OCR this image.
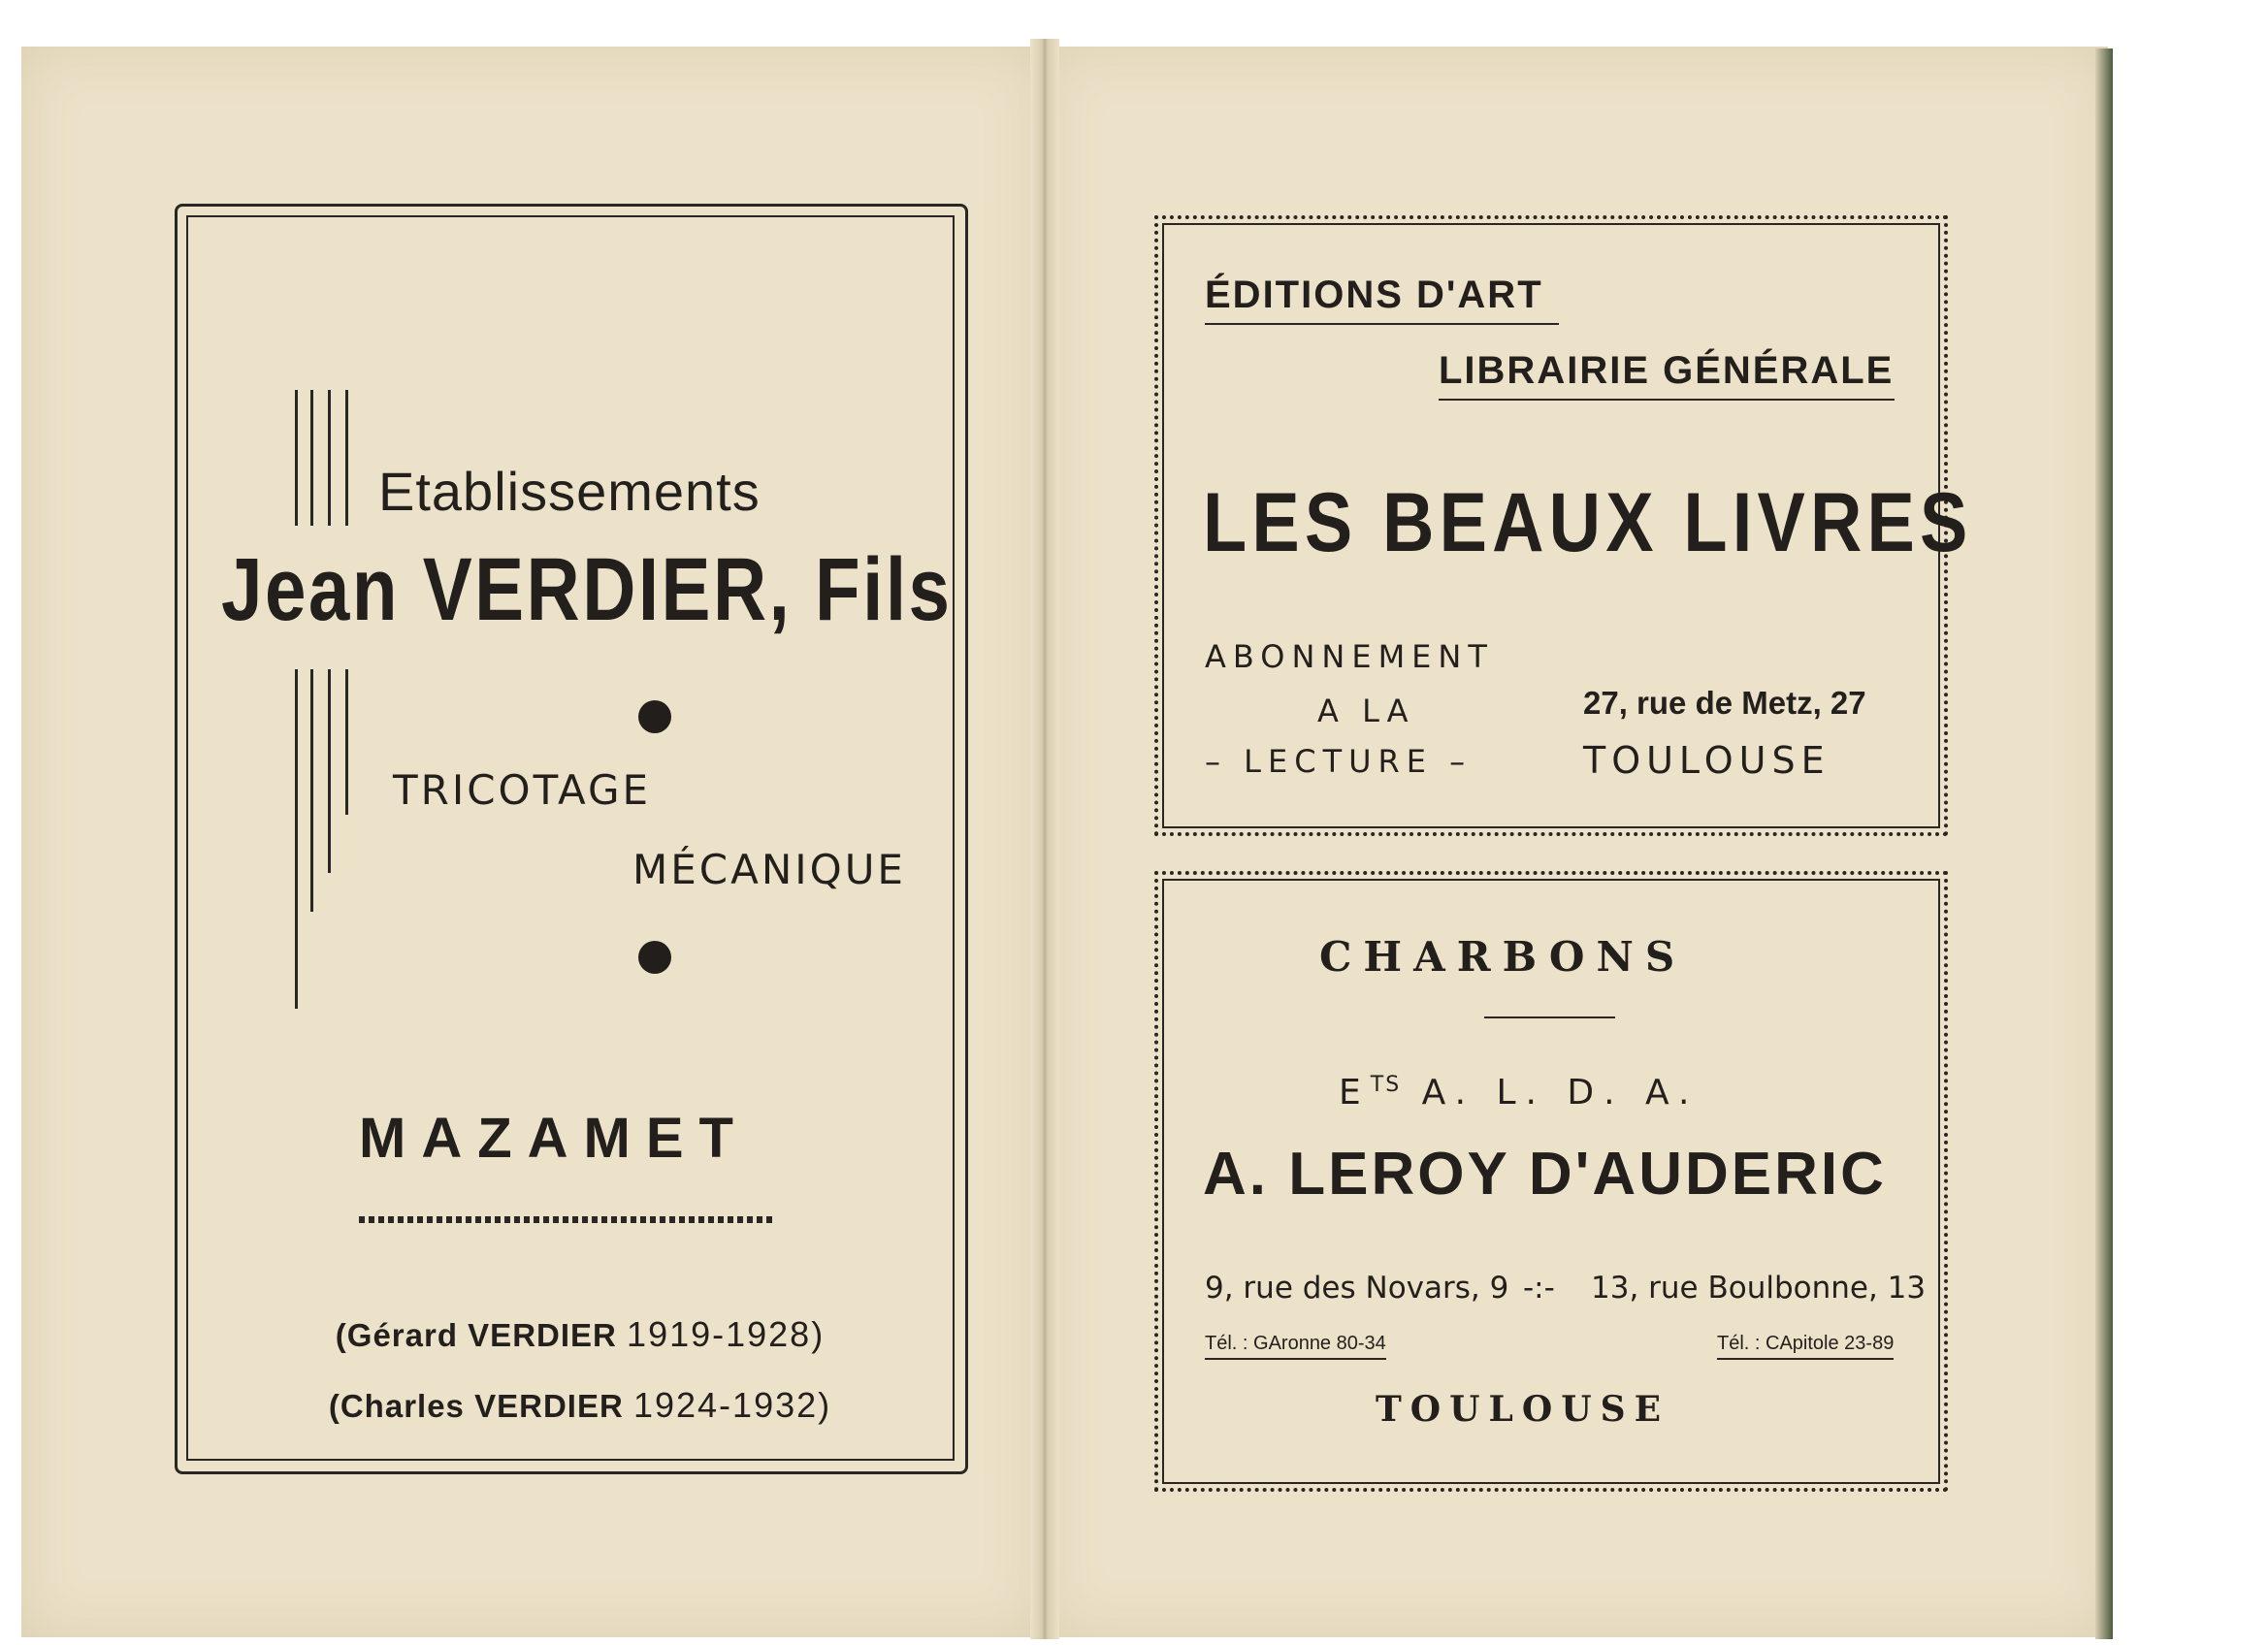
Etablissements
Jean VERDIER, Fils
TRICOTAGE
MÉCANIQUE
MAZAMET
(Gérard VERDIER 1919-1928)
(Charles VERDIER 1924-1932)
ÉDITIONS D'ART
LIBRAIRIE GÉNÉRALE
LES BEAUX LIVRES
ABONNEMENT
A LA
– LECTURE –
27, rue de Metz, 27
TOULOUSE
CHARBONS
$E^{TS}$ A. L. D. A.
A. LEROY D'AUDERIC
9, rue des Novars, 9 -:- 13, rue Boulbonne, 13
Tél. : GAronne 80-34	Tél. : CApitole 23-89
TOULOUSE
